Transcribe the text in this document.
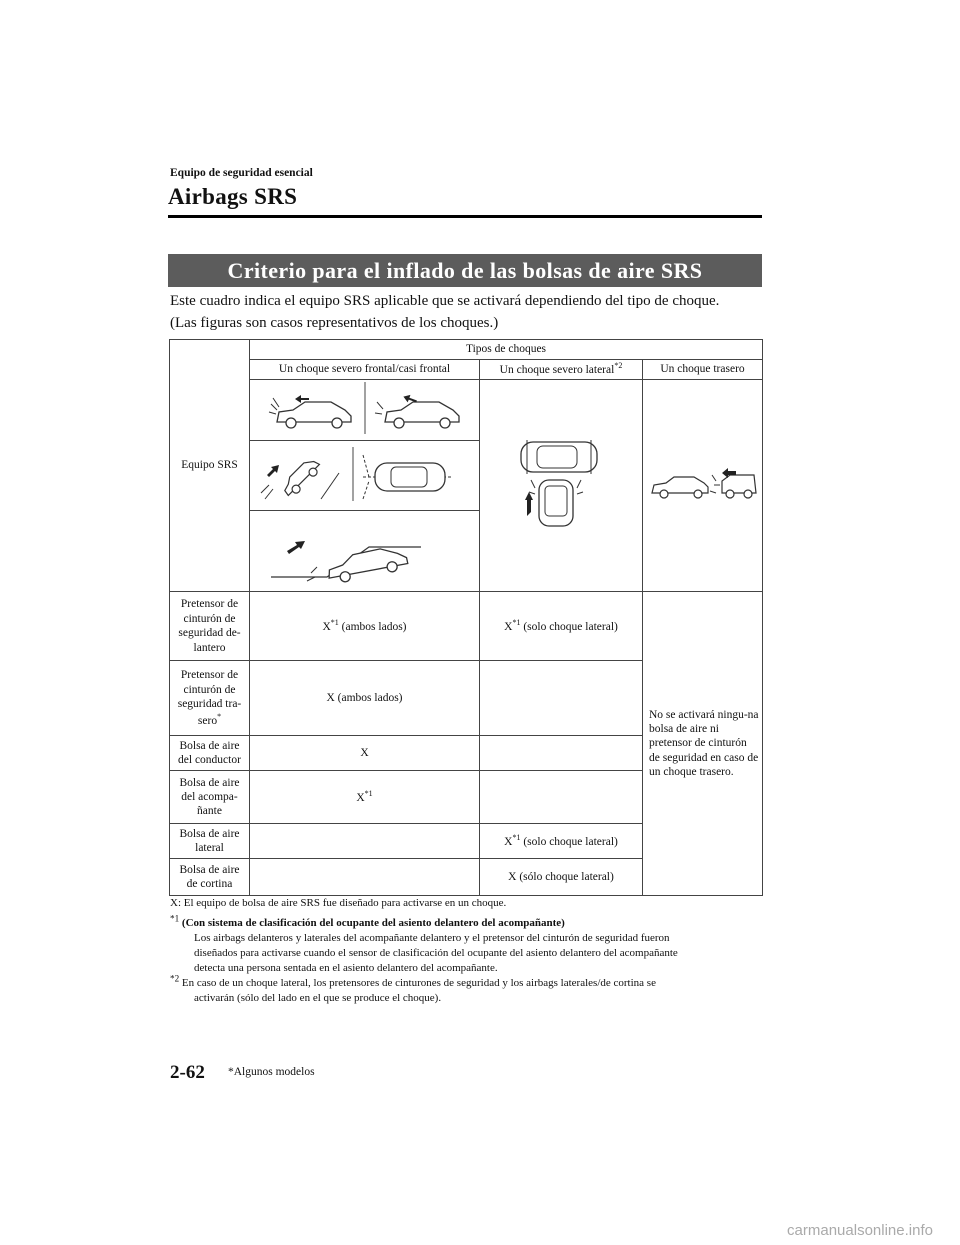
Equipo de seguridad esencial
Airbags SRS
Criterio para el inflado de las bolsas de aire SRS
Este cuadro indica el equipo SRS aplicable que se activará dependiendo del tipo de choque.
(Las figuras son casos representativos de los choques.)
Equipo SRS	Tipos de choques		
	Un choque severo frontal/casi frontal	Un choque severo lateral$^{*2}$	Un choque trasero

Pretensor de cinturón de seguridad de-lantero	$X^{*1}$ (ambos lados)	$X^{*1}$ (solo choque lateral)	No se activará ningu-na bolsa de aire ni pretensor de cinturón de seguridad en caso de un choque trasero.
Pretensor de cinturón de seguridad tra-sero*	X (ambos lados)		
Bolsa de aire del conductor	X		
Bolsa de aire del acompa-ñante	$X^{*1}$	
Bolsa de aire lateral		$X^{*1}$ (solo choque lateral)	
Bolsa de aire de cortina		X (sólo choque lateral)	
X: El equipo de bolsa de aire SRS fue diseñado para activarse en un choque.
$^{*1}$ (Con sistema de clasificación del ocupante del asiento delantero del acompañante)
Los airbags delanteros y laterales del acompañante delantero y el pretensor del cinturón de seguridad fueron
diseñados para activarse cuando el sensor de clasificación del ocupante del asiento delantero del acompañante
detecta una persona sentada en el asiento delantero del acompañante.
$^{*2}$ En caso de un choque lateral, los pretensores de cinturones de seguridad y los airbags laterales/de cortina se
activarán (sólo del lado en el que se produce el choque).
2-62 *Algunos modelos
carmanualsonline.info
